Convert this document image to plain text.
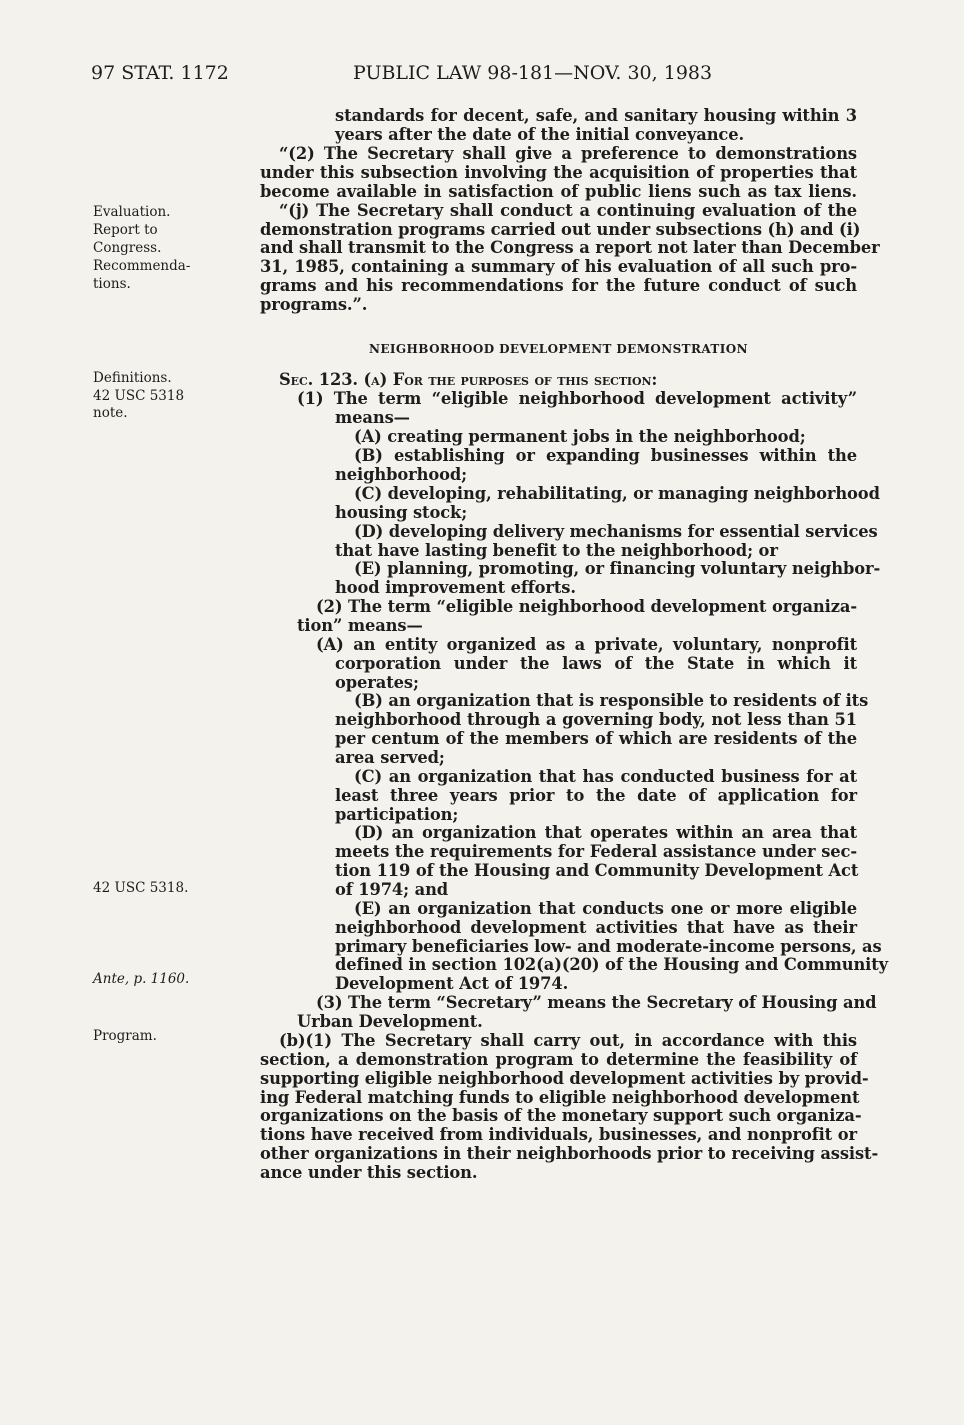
97 STAT. 1172	PUBLIC LAW 98-181—NOV. 30, 1983
Evaluation.
Report to
Congress.
Recommenda-
tions.
Definitions.
42 USC 5318
note.
42 USC 5318.
Ante, p. 1160.
Program.
standards for decent, safe, and sanitary housing within 3
years after the date of the initial conveyance.
“(2) The Secretary shall give a preference to demonstrations
under this subsection involving the acquisition of properties that
become available in satisfaction of public liens such as tax liens.
“(j) The Secretary shall conduct a continuing evaluation of the
demonstration programs carried out under subsections (h) and (i)
and shall transmit to the Congress a report not later than December
31, 1985, containing a summary of his evaluation of all such pro-
grams and his recommendations for the future conduct of such
programs.”.
NEIGHBORHOOD DEVELOPMENT DEMONSTRATION
Sec. 123. (a) For the purposes of this section:
(1) The term “eligible neighborhood development activity”
means—
(A) creating permanent jobs in the neighborhood;
(B) establishing or expanding businesses within the
neighborhood;
(C) developing, rehabilitating, or managing neighborhood
housing stock;
(D) developing delivery mechanisms for essential services
that have lasting benefit to the neighborhood; or
(E) planning, promoting, or financing voluntary neighbor-
hood improvement efforts.
(2) The term “eligible neighborhood development organiza-
tion” means—
(A) an entity organized as a private, voluntary, nonprofit
corporation under the laws of the State in which it
operates;
(B) an organization that is responsible to residents of its
neighborhood through a governing body, not less than 51
per centum of the members of which are residents of the
area served;
(C) an organization that has conducted business for at
least three years prior to the date of application for
participation;
(D) an organization that operates within an area that
meets the requirements for Federal assistance under sec-
tion 119 of the Housing and Community Development Act
of 1974; and
(E) an organization that conducts one or more eligible
neighborhood development activities that have as their
primary beneficiaries low- and moderate-income persons, as
defined in section 102(a)(20) of the Housing and Community
Development Act of 1974.
(3) The term “Secretary” means the Secretary of Housing and
Urban Development.
(b)(1) The Secretary shall carry out, in accordance with this
section, a demonstration program to determine the feasibility of
supporting eligible neighborhood development activities by provid-
ing Federal matching funds to eligible neighborhood development
organizations on the basis of the monetary support such organiza-
tions have received from individuals, businesses, and nonprofit or
other organizations in their neighborhoods prior to receiving assist-
ance under this section.
